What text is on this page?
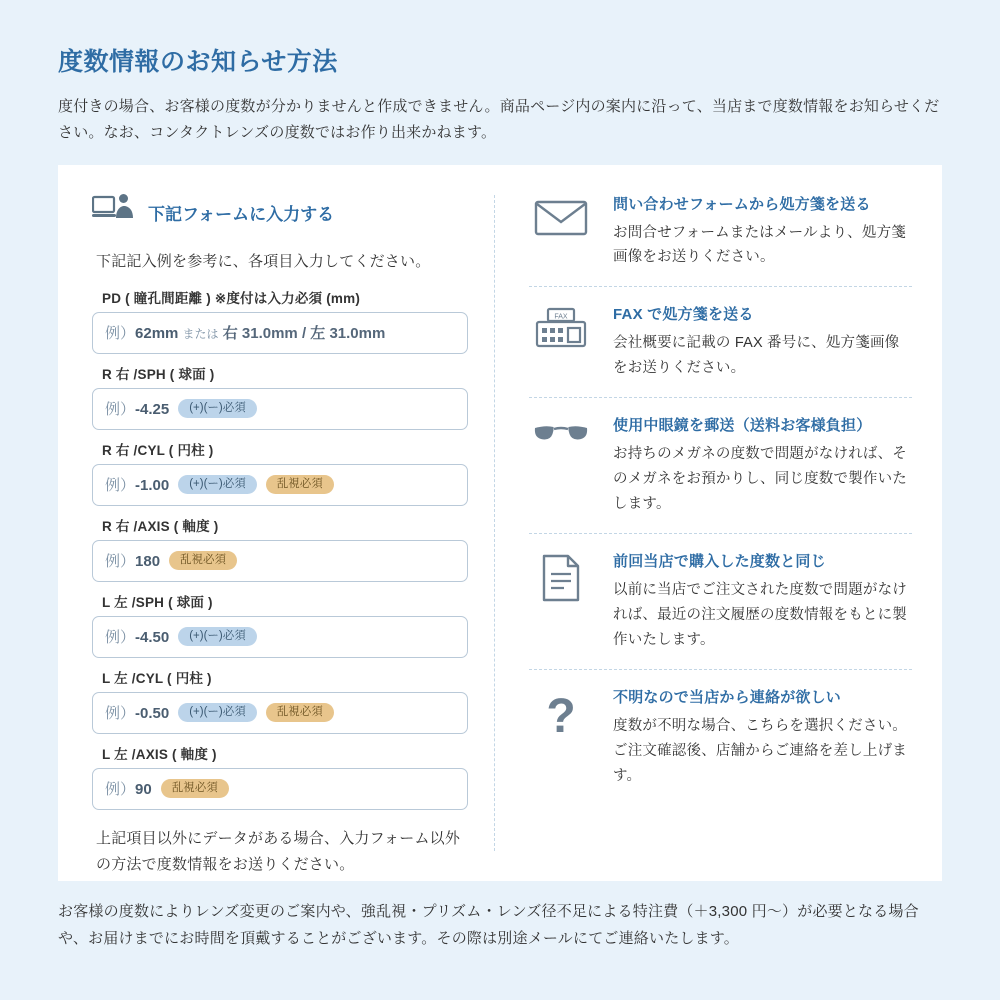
度数情報のお知らせ方法

度付きの場合、お客様の度数が分かりませんと作成できません。商品ページ内の案内に沿って、当店まで度数情報をお知らせください。なお、コンタクトレンズの度数ではお作り出来かねます。

下記フォームに入力する

下記記入例を参考に、各項目入力してください。

PD ( 瞳孔間距離 ) ※度付は入力必須 (mm)
例）62mm または 右 31.0mm / 左 31.0mm
R 右 /SPH ( 球面 )
例）-4.25	(+)(ー)必須
R 右 /CYL ( 円柱 )
例）-1.00	(+)(ー)必須	乱視必須
R 右 /AXIS ( 軸度 )
例）180	乱視必須
L 左 /SPH ( 球面 )
例）-4.50	(+)(ー)必須
L 左 /CYL ( 円柱 )
例）-0.50	(+)(ー)必須	乱視必須
L 左 /AXIS ( 軸度 )
例）90	乱視必須

上記項目以外にデータがある場合、入力フォーム以外の方法で度数情報をお送りください。

問い合わせフォームから処方箋を送る
お問合せフォームまたはメールより、処方箋画像をお送りください。
FAX	FAX で処方箋を送る
会社概要に記載の FAX 番号に、処方箋画像をお送りください。
使用中眼鏡を郵送（送料お客様負担）
お持ちのメガネの度数で問題がなければ、そのメガネをお預かりし、同じ度数で製作いたします。
前回当店で購入した度数と同じ
以前に当店でご注文された度数で問題がなければ、最近の注文履歴の度数情報をもとに製作いたします。
? 不明なので当店から連絡が欲しい
度数が不明な場合、こちらを選択ください。ご注文確認後、店舗からご連絡を差し上げます。

お客様の度数によりレンズ変更のご案内や、強乱視・プリズム・レンズ径不足による特注費（＋3,300 円〜）が必要となる場合や、お届けまでにお時間を頂戴することがございます。その際は別途メールにてご連絡いたします。
